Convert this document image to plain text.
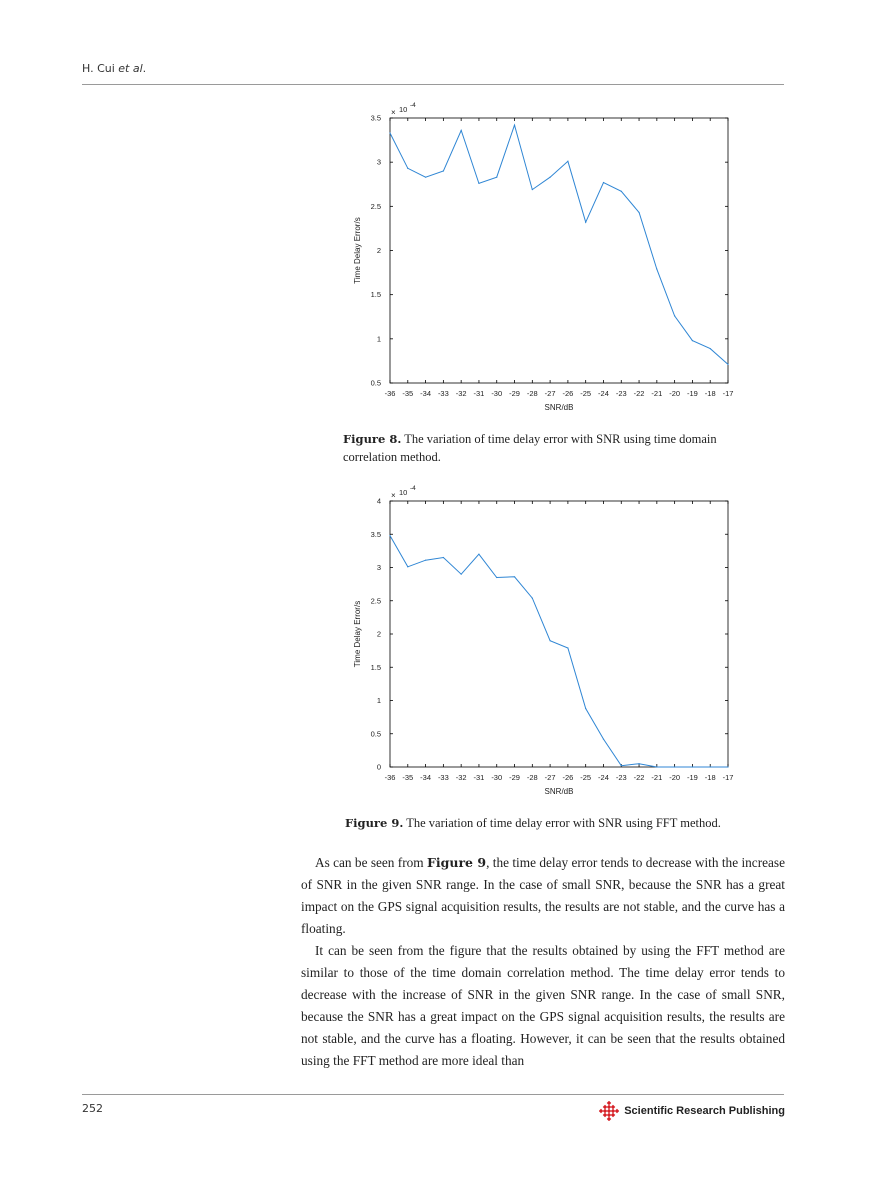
H. Cui et al.
-36 -35 -34 -33 -32 -31 -30 -29 -28 -27 -26 -25 -24 -23 -22 -21 -20 -19 -18 -17
0.5
1
1.5
2
2.5
3
3.5
× 10 -4
SNR/dB
Time Delay Error/s
Figure 8. The variation of time delay error with SNR using time domain correlation method.
-36 -35 -34 -33 -32 -31 -30 -29 -28 -27 -26 -25 -24 -23 -22 -21 -20 -19 -18 -17
0
0.5
1
1.5
2
2.5
3
3.5
4
× 10 -4
SNR/dB
Time Delay Error/s
Figure 9. The variation of time delay error with SNR using FFT method.

As can be seen from Figure 9, the time delay error tends to decrease with the increase of SNR in the given SNR range. In the case of small SNR, because the SNR has a great impact on the GPS signal acquisition results, the results are not stable, and the curve has a floating.

It can be seen from the figure that the results obtained by using the FFT method are similar to those of the time domain correlation method. The time delay error tends to decrease with the increase of SNR in the given SNR range. In the case of small SNR, because the SNR has a great impact on the GPS signal acquisition results, the results are not stable, and the curve has a floating. However, it can be seen that the results obtained using the FFT method are more ideal than

252	Scientific Research Publishing
